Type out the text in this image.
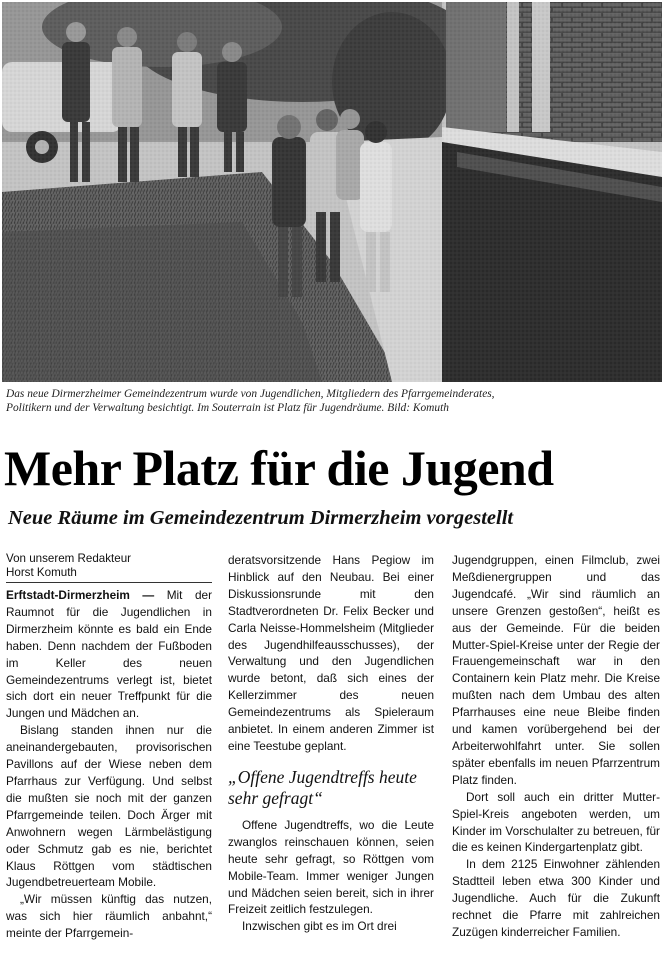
Das neue Dirmerzheimer Gemeindezentrum wurde von Jugendlichen, Mitgliedern des Pfarrgemeinderates,
Politikern und der Verwaltung besichtigt. Im Souterrain ist Platz für Jugendräume. Bild: Komuth
Mehr Platz für die Jugend
Neue Räume im Gemeindezentrum Dirmerzheim vorgestellt
Von unserem Redakteur
Horst Komuth

Erftstadt-Dirmerzheim — Mit der Raumnot für die Jugendlichen in Dirmerzheim könnte es bald ein Ende haben. Denn nachdem der Fußboden im Keller des neuen Gemeindezentrums verlegt ist, bietet sich dort ein neuer Treffpunkt für die Jungen und Mädchen an.

Bislang standen ihnen nur die aneinandergebauten, provisorischen Pavillons auf der Wiese neben dem Pfarrhaus zur Verfügung. Und selbst die mußten sie noch mit der ganzen Pfarrgemeinde teilen. Doch Ärger mit Anwohnern wegen Lärmbelästigung oder Schmutz gab es nie, berichtet Klaus Röttgen vom städtischen Jugendbetreuerteam Mobile.

„Wir müssen künftig das nutzen, was sich hier räumlich anbahnt,“ meinte der Pfarrgemein-

deratsvorsitzende Hans Pegiow im Hinblick auf den Neubau. Bei einer Diskussionsrunde mit den Stadtverordneten Dr. Felix Becker und Carla Neisse-Hommelsheim (Mitglieder des Jugendhilfeausschusses), der Verwaltung und den Jugendlichen wurde betont, daß sich eines der Kellerzimmer des neuen Gemeindezentrums als Spieleraum anbietet. In einem anderen Zimmer ist eine Teestube geplant.

„Offene Jugendtreffs heute sehr gefragt“

Offene Jugendtreffs, wo die Leute zwanglos reinschauen können, seien heute sehr gefragt, so Röttgen vom Mobile-Team. Immer weniger Jungen und Mädchen seien bereit, sich in ihrer Freizeit zeitlich festzulegen.

Inzwischen gibt es im Ort drei

Jugendgruppen, einen Filmclub, zwei Meßdienergruppen und das Jugendcafé. „Wir sind räumlich an unsere Grenzen gestoßen“, heißt es aus der Gemeinde. Für die beiden Mutter-Spiel-Kreise unter der Regie der Frauengemeinschaft war in den Containern kein Platz mehr. Die Kreise mußten nach dem Umbau des alten Pfarrhauses eine neue Bleibe finden und kamen vorübergehend bei der Arbeiterwohlfahrt unter. Sie sollen später ebenfalls im neuen Pfarrzentrum Platz finden.

Dort soll auch ein dritter Mutter-Spiel-Kreis angeboten werden, um Kinder im Vorschulalter zu betreuen, für die es keinen Kindergartenplatz gibt.

In dem 2125 Einwohner zählenden Stadtteil leben etwa 300 Kinder und Jugendliche. Auch für die Zukunft rechnet die Pfarre mit zahlreichen Zuzügen kinderreicher Familien.
